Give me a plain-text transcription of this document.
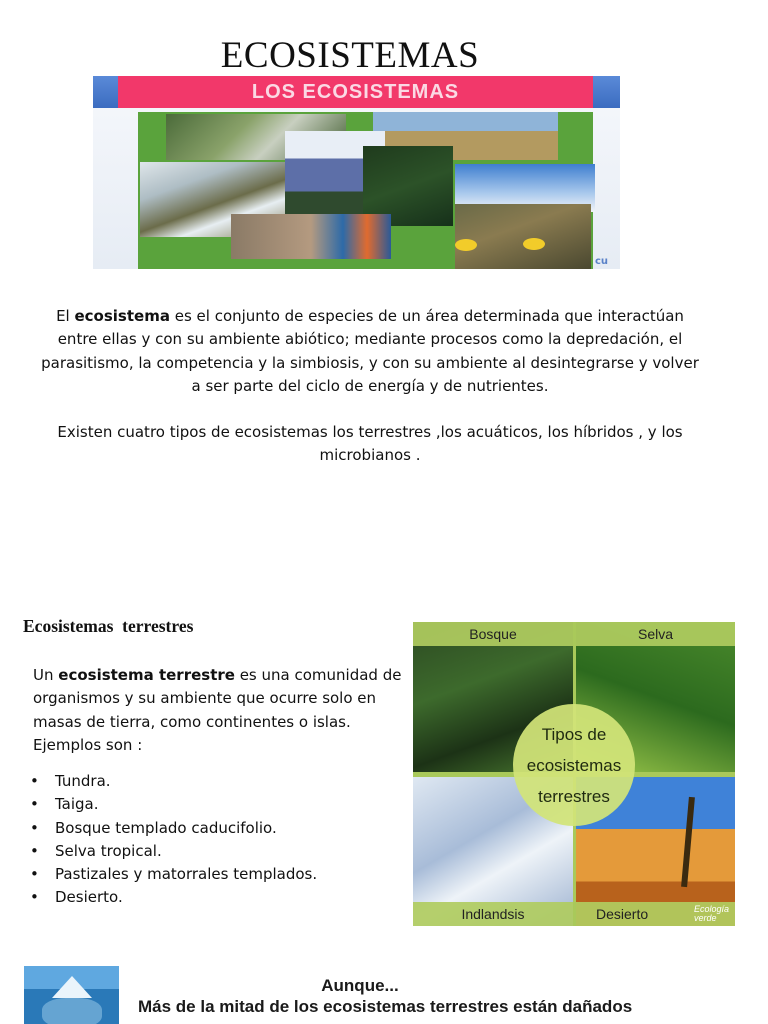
ECOSISTEMAS
LOS ECOSISTEMAS
cu
El ecosistema es el conjunto de especies de un área determinada que interactúan entre ellas y con su ambiente abiótico; mediante procesos como la depredación, el parasitismo, la competencia y la simbiosis, y con su ambiente al desintegrarse y volver a ser parte del ciclo de energía y de nutrientes.
Existen cuatro tipos de ecosistemas los terrestres ,los acuáticos, los híbridos , y los microbianos .
Ecosistemas  terrestres
Un ecosistema terrestre es una comunidad de organismos y su ambiente que ocurre solo en masas de tierra, como continentes o islas. Ejemplos son :
• Tundra.
• Taiga.
• Bosque templado caducifolio.
• Selva tropical.
• Pastizales y matorrales templados.
• Desierto.
Bosque	Selva
Indlandsis	Desierto	Ecología
verde
Tipos de
ecosistemas
terrestres
Aunque...
Más de la mitad de los ecosistemas terrestres están dañados
